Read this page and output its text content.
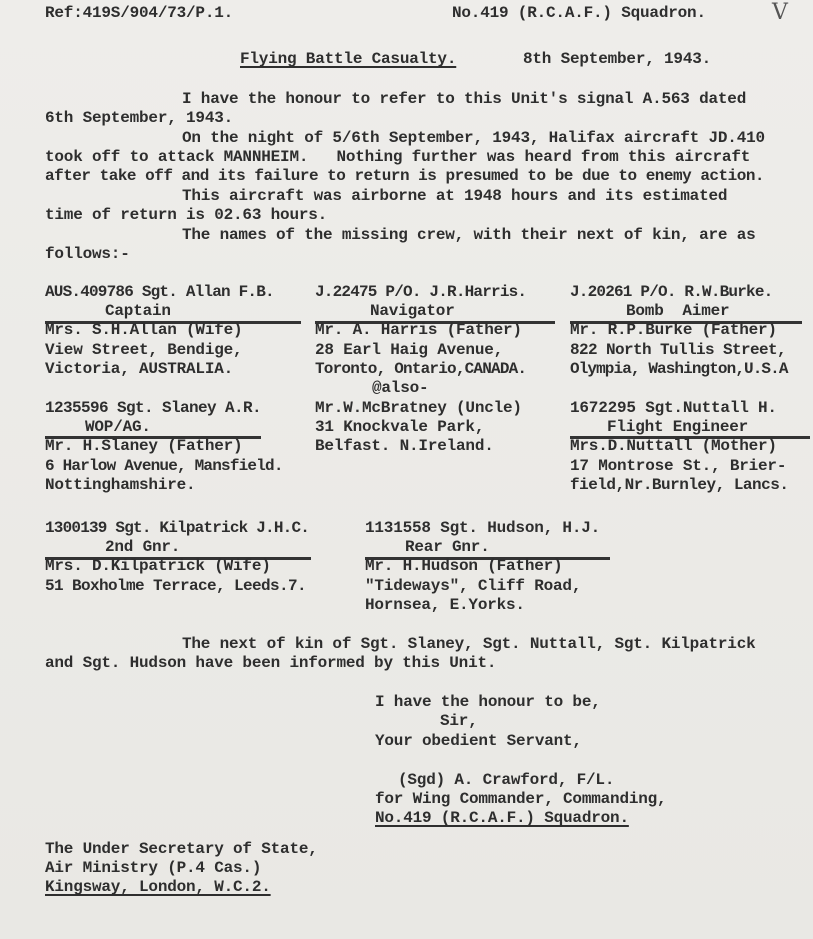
V
Ref:419S/904/73/P.1.	No.419 (R.C.A.F.) Squadron.
Flying Battle Casualty.	8th September, 1943.
I have the honour to refer to this Unit's signal A.563 dated
6th September, 1943.
On the night of 5/6th September, 1943, Halifax aircraft JD.410
took off to attack MANNHEIM.   Nothing further was heard from this aircraft
after take off and its failure to return is presumed to be due to enemy action.
This aircraft was airborne at 1948 hours and its estimated
time of return is 02.63 hours.
The names of the missing crew, with their next of kin, are as
follows:-
AUS.409786 Sgt. Allan F.B.
Captain
Mrs. S.H.Allan (Wife)
View Street, Bendige,
Victoria, AUSTRALIA.
J.22475 P/O. J.R.Harris.
Navigator
Mr. A. Harris (Father)
28 Earl Haig Avenue,
Toronto, Ontario,CANADA.
@also-
Mr.W.McBratney (Uncle)
31 Knockvale Park,
Belfast. N.Ireland.
J.20261 P/O. R.W.Burke.
Bomb  Aimer
Mr. R.P.Burke (Father)
822 North Tullis Street,
Olympia, Washington,U.S.A
1235596 Sgt. Slaney A.R.
WOP/AG.
Mr. H.Slaney (Father)
6 Harlow Avenue, Mansfield.
Nottinghamshire.
1672295 Sgt.Nuttall H.
Flight Engineer
Mrs.D.Nuttall (Mother)
17 Montrose St., Brier-
field,Nr.Burnley, Lancs.
1300139 Sgt. Kilpatrick J.H.C.
2nd Gnr.
Mrs. D.Kilpatrick (Wife)
51 Boxholme Terrace, Leeds.7.
1131558 Sgt. Hudson, H.J.
Rear Gnr.
Mr. H.Hudson (Father)
"Tideways", Cliff Road,
Hornsea, E.Yorks.
The next of kin of Sgt. Slaney, Sgt. Nuttall, Sgt. Kilpatrick
and Sgt. Hudson have been informed by this Unit.
I have the honour to be,
Sir,
Your obedient Servant,
(Sgd) A. Crawford, F/L.
for Wing Commander, Commanding,
No.419 (R.C.A.F.) Squadron.
The Under Secretary of State,
Air Ministry (P.4 Cas.)
Kingsway, London, W.C.2.
